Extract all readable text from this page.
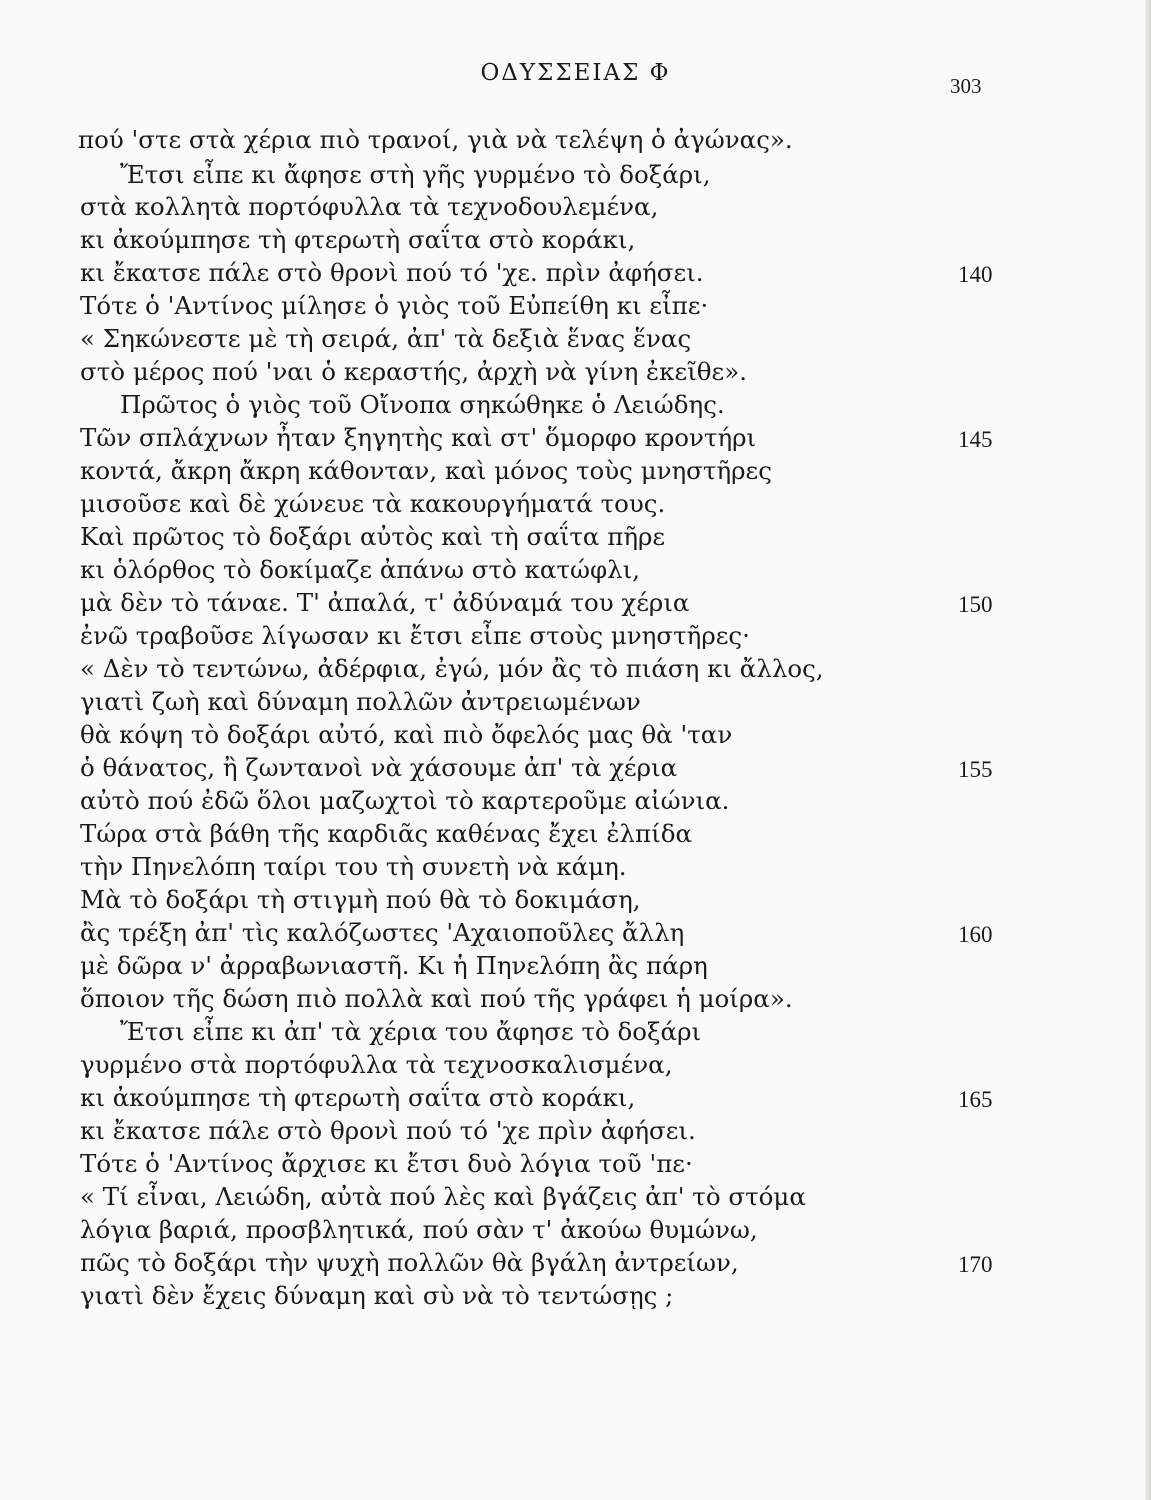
ΟΔΥΣΣΕΙΑΣ Φ	303
πού 'στε στὰ χέρια πιὸ τρανοί, γιὰ νὰ τελέψη ὁ ἀγώνας».
Ἔτσι εἶπε κι ἄφησε στὴ γῆς γυρμένο τὸ δοξάρι,
στὰ κολλητὰ πορτόφυλλα τὰ τεχνοδουλεμένα,
κι ἀκούμπησε τὴ φτερωτὴ σαΐτα στὸ κοράκι,
κι ἔκατσε πάλε στὸ θρονὶ πού τό 'χε. πρὶν ἀφήσει.	140
Τότε ὁ 'Αντίνος μίλησε ὁ γιὸς τοῦ Εὐπείθη κι εἶπε·
« Σηκώνεστε μὲ τὴ σειρά, ἀπ' τὰ δεξιὰ ἕνας ἕνας
στὸ μέρος πού 'ναι ὁ κεραστής, ἀρχὴ νὰ γίνη ἐκεῖθε».
Πρῶτος ὁ γιὸς τοῦ Οἴνοπα σηκώθηκε ὁ Λειώδης.
Τῶν σπλάχνων ἦταν ξηγητὴς καὶ στ' ὅμορφο κροντήρι	145
κοντά, ἄκρη ἄκρη κάθονταν, καὶ μόνος τοὺς μνηστῆρες
μισοῦσε καὶ δὲ χώνευε τὰ κακουργήματά τους.
Καὶ πρῶτος τὸ δοξάρι αὐτὸς καὶ τὴ σαΐτα πῆρε
κι ὁλόρθος τὸ δοκίμαζε ἀπάνω στὸ κατώφλι,
μὰ δὲν τὸ τάναε. Τ' ἀπαλά, τ' ἀδύναμά του χέρια	150
ἐνῶ τραβοῦσε λίγωσαν κι ἔτσι εἶπε στοὺς μνηστῆρες·
« Δὲν τὸ τεντώνω, ἀδέρφια, ἐγώ, μόν ἂς τὸ πιάση κι ἄλλος,
γιατὶ ζωὴ καὶ δύναμη πολλῶν ἀντρειωμένων
θὰ κόψη τὸ δοξάρι αὐτό, καὶ πιὸ ὄφελός μας θὰ 'ταν
ὁ θάνατος, ἢ ζωντανοὶ νὰ χάσουμε ἀπ' τὰ χέρια	155
αὐτὸ πού ἐδῶ ὅλοι μαζωχτοὶ τὸ καρτεροῦμε αἰώνια.
Τώρα στὰ βάθη τῆς καρδιᾶς καθένας ἔχει ἐλπίδα
τὴν Πηνελόπη ταίρι του τὴ συνετὴ νὰ κάμη.
Μὰ τὸ δοξάρι τὴ στιγμὴ πού θὰ τὸ δοκιμάση,
ἂς τρέξη ἀπ' τὶς καλόζωστες 'Αχαιοποῦλες ἄλλη	160
μὲ δῶρα ν' ἀρραβωνιαστῆ. Κι ἡ Πηνελόπη ἂς πάρη
ὅποιον τῆς δώση πιὸ πολλὰ καὶ πού τῆς γράφει ἡ μοίρα».
Ἔτσι εἶπε κι ἀπ' τὰ χέρια του ἄφησε τὸ δοξάρι
γυρμένο στὰ πορτόφυλλα τὰ τεχνοσκαλισμένα,
κι ἀκούμπησε τὴ φτερωτὴ σαΐτα στὸ κοράκι,	165
κι ἔκατσε πάλε στὸ θρονὶ πού τό 'χε πρὶν ἀφήσει.
Τότε ὁ 'Αντίνος ἄρχισε κι ἔτσι δυὸ λόγια τοῦ 'πε·
« Τί εἶναι, Λειώδη, αὐτὰ πού λὲς καὶ βγάζεις ἀπ' τὸ στόμα
λόγια βαριά, προσβλητικά, πού σὰν τ' ἀκούω θυμώνω,
πῶς τὸ δοξάρι τὴν ψυχὴ πολλῶν θὰ βγάλη ἀντρείων,	170
γιατὶ δὲν ἔχεις δύναμη καὶ σὺ νὰ τὸ τεντώσῃς ;
